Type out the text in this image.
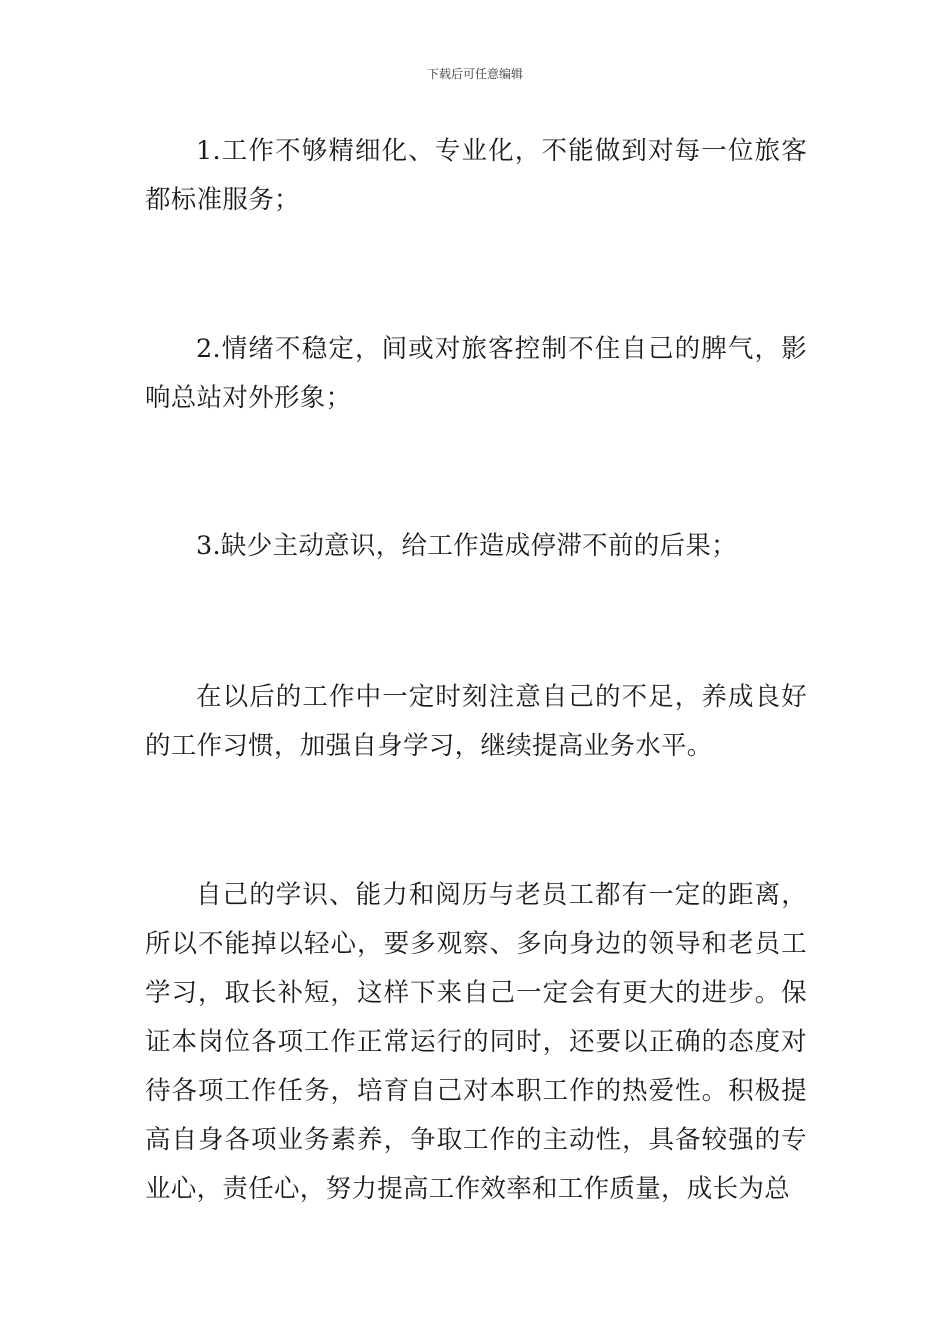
下载后可任意编辑

1.工作不够精细化、专业化，不能做到对每一位旅客都标准服务；

2.情绪不稳定，间或对旅客控制不住自己的脾气，影响总站对外形象；

3.缺少主动意识，给工作造成停滞不前的后果；

在以后的工作中一定时刻注意自己的不足，养成良好的工作习惯，加强自身学习，继续提高业务水平。

自己的学识、能力和阅历与老员工都有一定的距离，所以不能掉以轻心，要多观察、多向身边的领导和老员工学习，取长补短，这样下来自己一定会有更大的进步。保证本岗位各项工作正常运行的同时，还要以正确的态度对待各项工作任务，培育自己对本职工作的热爱性。积极提高自身各项业务素养，争取工作的主动性，具备较强的专业心，责任心，努力提高工作效率和工作质量，成长为总
